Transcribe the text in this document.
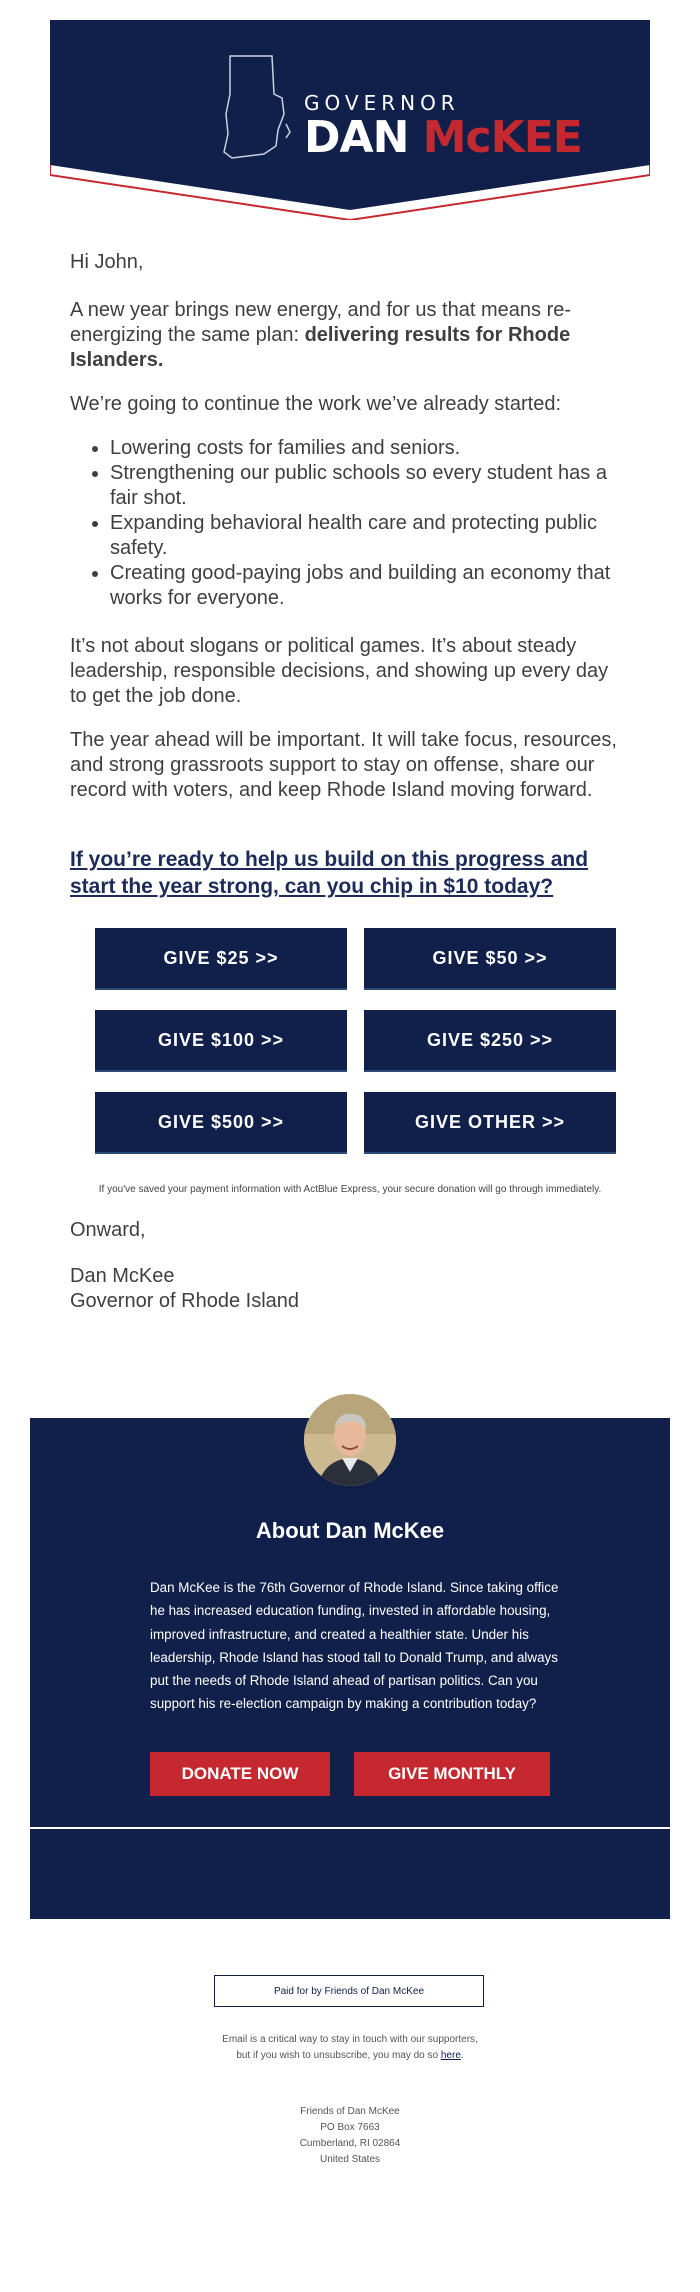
GOVERNOR
DAN McKEE
Hi John,
A new year brings new energy, and for us that means re-energizing the same plan: delivering results for Rhode Islanders.
We’re going to continue the work we’ve already started:
• Lowering costs for families and seniors.
• Strengthening our public schools so every student has a fair shot.
• Expanding behavioral health care and protecting public safety.
• Creating good-paying jobs and building an economy that works for everyone.
It’s not about slogans or political games. It’s about steady leadership, responsible decisions, and showing up every day to get the job done.
The year ahead will be important. It will take focus, resources, and strong grassroots support to stay on offense, share our record with voters, and keep Rhode Island moving forward.
If you’re ready to help us build on this progress and start the year strong, can you chip in $10 today?
GIVE $25 >>	GIVE $50 >>
GIVE $100 >>	GIVE $250 >>
GIVE $500 >>	GIVE OTHER >>
If you've saved your payment information with ActBlue Express, your secure donation will go through immediately.
Onward,
Dan McKee
Governor of Rhode Island
About Dan McKee
Dan McKee is the 76th Governor of Rhode Island. Since taking office he has increased education funding, invested in affordable housing, improved infrastructure, and created a healthier state. Under his leadership, Rhode Island has stood tall to Donald Trump, and always put the needs of Rhode Island ahead of partisan politics. Can you support his re-election campaign by making a contribution today?
DONATE NOW	GIVE MONTHLY
Paid for by Friends of Dan McKee
Email is a critical way to stay in touch with our supporters, but if you wish to unsubscribe, you may do so here.
Friends of Dan McKee
PO Box 7663
Cumberland, RI 02864
United States
